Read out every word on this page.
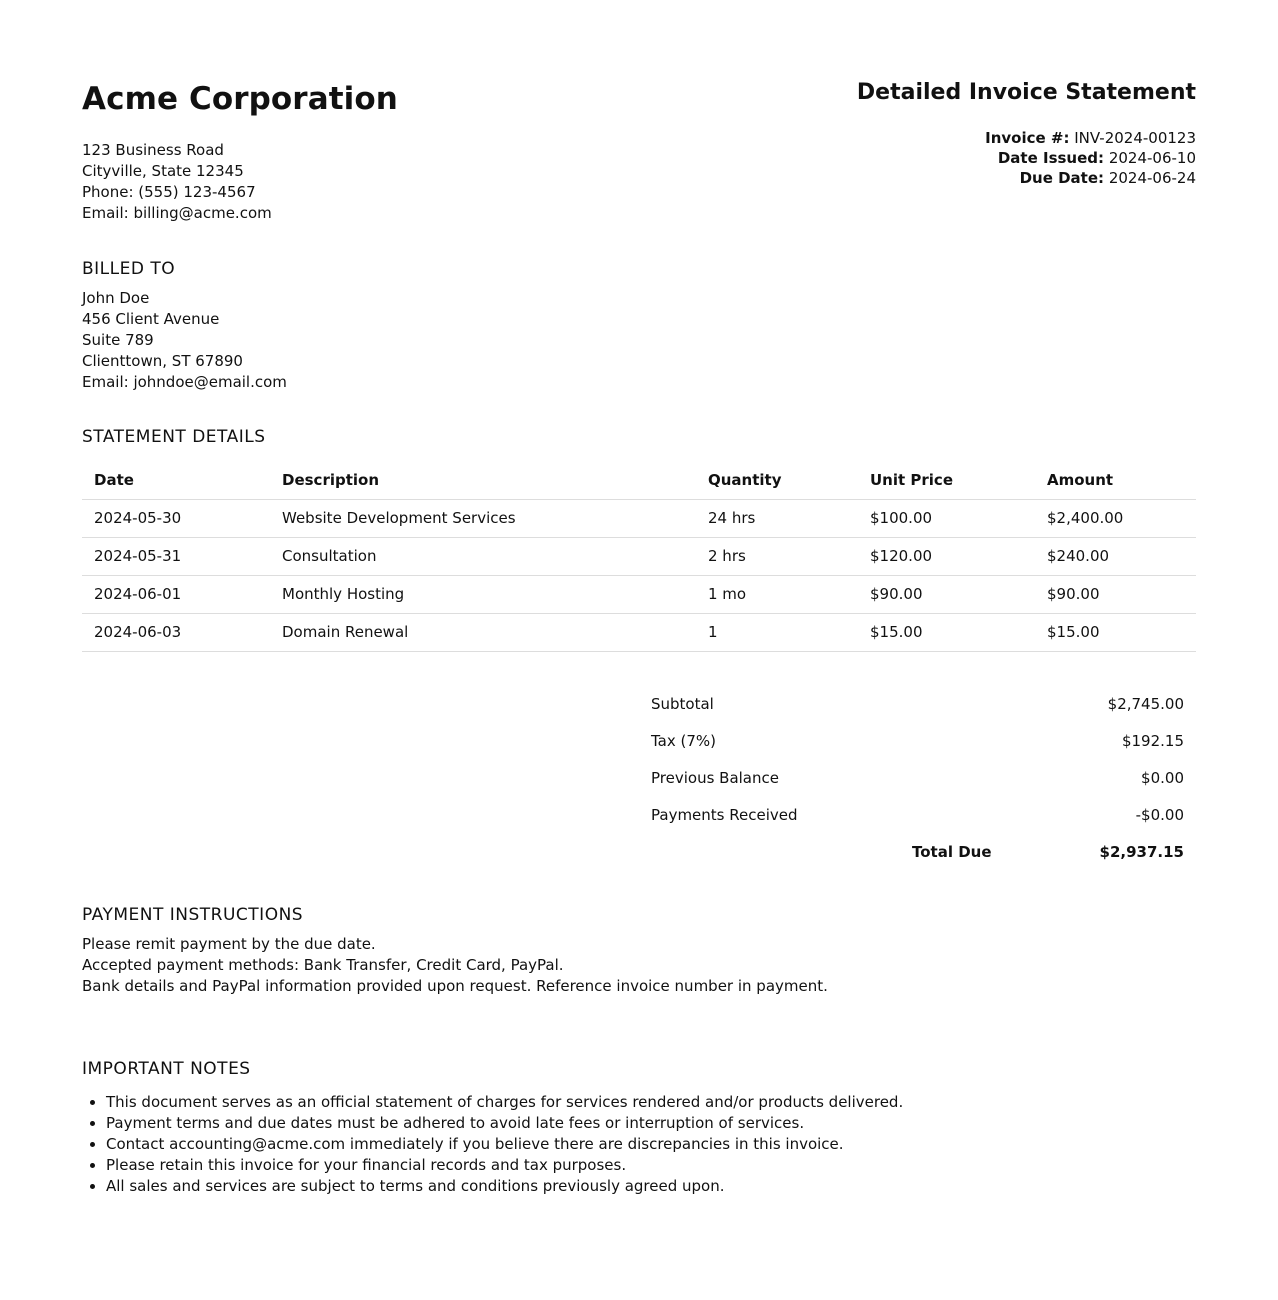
Acme Corporation
123 Business Road
Cityville, State 12345
Phone: (555) 123-4567
Email: billing@acme.com
Detailed Invoice Statement
Invoice #: INV-2024-00123
Date Issued: 2024-06-10
Due Date: 2024-06-24
BILLED TO
John Doe
456 Client Avenue
Suite 789
Clienttown, ST 67890
Email: johndoe@email.com
STATEMENT DETAILS
Date	Description	Quantity	Unit Price	Amount
2024-05-30	Website Development Services	24 hrs	$100.00	$2,400.00
2024-05-31	Consultation	2 hrs	$120.00	$240.00
2024-06-01	Monthly Hosting	1 mo	$90.00	$90.00
2024-06-03	Domain Renewal	1	$15.00	$15.00
Subtotal	$2,745.00
Tax (7%)	$192.15
Previous Balance	$0.00
Payments Received	-$0.00
Total Due	$2,937.15
PAYMENT INSTRUCTIONS
Please remit payment by the due date.
Accepted payment methods: Bank Transfer, Credit Card, PayPal.
Bank details and PayPal information provided upon request. Reference invoice number in payment.
IMPORTANT NOTES
• This document serves as an official statement of charges for services rendered and/or products delivered.
• Payment terms and due dates must be adhered to avoid late fees or interruption of services.
• Contact accounting@acme.com immediately if you believe there are discrepancies in this invoice.
• Please retain this invoice for your financial records and tax purposes.
• All sales and services are subject to terms and conditions previously agreed upon.
